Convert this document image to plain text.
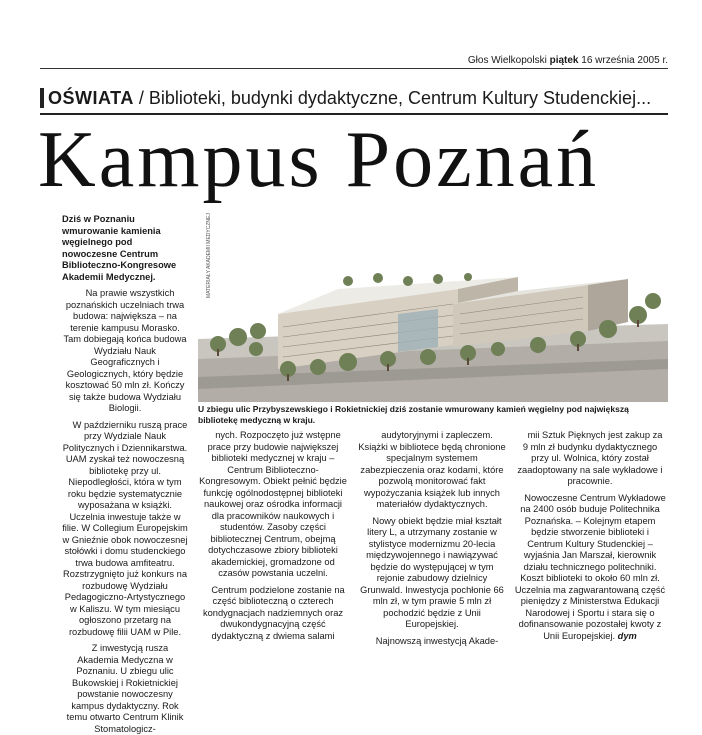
Głos Wielkopolski piątek 16 września 2005 r.
OŚWIATA / Biblioteki, budynki dydaktyczne, Centrum Kultury Studenckiej...
Kampus Poznań

Dziś w Poznaniu wmurowanie kamienia węgielnego pod nowoczesne Centrum Biblioteczno-Kongresowe Akademii Medycznej.

Na prawie wszystkich poznańskich uczelniach trwa budowa: największa – na terenie kampusu Morasko. Tam dobiegają końca budowa Wydziału Nauk Geograficznych i Geologicznych, który będzie kosztować 50 mln zł. Kończy się także budowa Wydziału Biologii.

W październiku ruszą prace przy Wydziale Nauk Politycznych i Dziennikarstwa. UAM zyskał też nowoczesną bibliotekę przy ul. Niepodległości, która w tym roku będzie systematycznie wyposażana w książki. Uczelnia inwestuje także w filie. W Collegium Europejskim w Gnieźnie obok nowoczesnej stołówki i domu studenckiego trwa budowa amfiteatru. Rozstrzygnięto już konkurs na rozbudowę Wydziału Pedagogiczno-Artystycznego w Kaliszu. W tym miesiącu ogłoszono przetarg na rozbudowę filii UAM w Pile.

Z inwestycją rusza Akademia Medyczna w Poznaniu. U zbiegu ulic Bukowskiej i Rokietnickiej powstanie nowoczesny kampus dydaktyczny. Rok temu otwarto Centrum Klinik Stomatologicz-

MATERIAŁY AKADEMII MEDYCZNEJ
U zbiegu ulic Przybyszewskiego i Rokietnickiej dziś zostanie wmurowany kamień węgielny pod największą bibliotekę medyczną w kraju.

nych. Rozpoczęto już wstępne prace przy budowie największej biblioteki medycznej w kraju – Centrum Biblioteczno-Kongresowym. Obiekt pełnić będzie funkcję ogólnodostępnej biblioteki naukowej oraz ośrodka informacji dla pracowników naukowych i studentów. Zasoby części bibliotecznej Centrum, obejmą dotychczasowe zbiory biblioteki akademickiej, gromadzone od czasów powstania uczelni.

Centrum podzielone zostanie na część biblioteczną o czterech kondygnacjach nadziemnych oraz dwukondygnacyjną część dydaktyczną z dwiema salami

audytoryjnymi i zapleczem. Książki w bibliotece będą chronione specjalnym systemem zabezpieczenia oraz kodami, które pozwolą monitorować fakt wypożyczania książek lub innych materiałów dydaktycznych.

Nowy obiekt będzie miał kształt litery L, a utrzymany zostanie w stylistyce modernizmu 20-lecia międzywojennego i nawiązywać będzie do występującej w tym rejonie zabudowy dzielnicy Grunwald. Inwestycja pochłonie 66 mln zł, w tym prawie 5 mln zł pochodzić będzie z Unii Europejskiej.

Najnowszą inwestycją Akade-

mii Sztuk Pięknych jest zakup za 9 mln zł budynku dydaktycznego przy ul. Wolnica, który został zaadoptowany na sale wykładowe i pracownie.

Nowoczesne Centrum Wykładowe na 2400 osób buduje Politechnika Poznańska. – Kolejnym etapem będzie stworzenie biblioteki i Centrum Kultury Studenckiej – wyjaśnia Jan Marszał, kierownik działu technicznego politechniki. Koszt biblioteki to około 60 mln zł. Uczelnia ma zagwarantowaną część pieniędzy z Ministerstwa Edukacji Narodowej i Sportu i stara się o dofinansowanie pozostałej kwoty z Unii Europejskiej. dym
